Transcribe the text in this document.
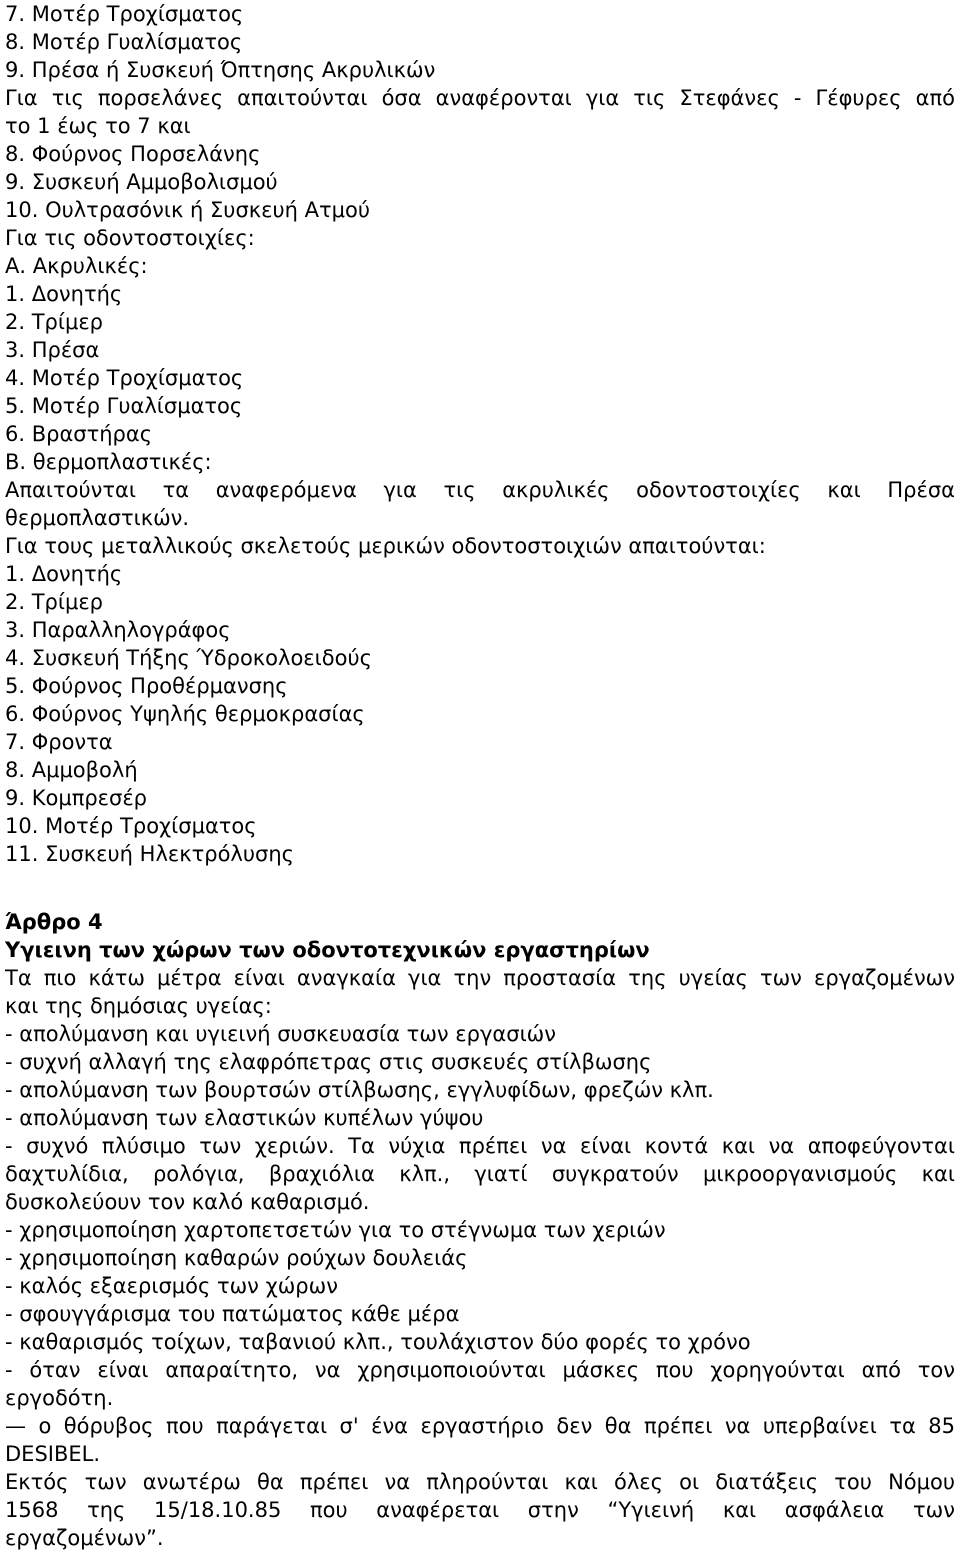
7. Μοτέρ Τροχίσματος
8. Μοτέρ Γυαλίσματος
9. Πρέσα ή Συσκευή Όπτησης Ακρυλικών
Για τις πορσελάνες απαιτούνται όσα αναφέρονται για τις Στεφάνες - Γέφυρες από
το 1 έως το 7 και
8. Φούρνος Πορσελάνης
9. Συσκευή Αμμοβολισμού
10. Ουλτρασόνικ ή Συσκευή Ατμού
Για τις οδοντοστοιχίες:
Α. Ακρυλικές:
1. Δονητής
2. Τρίμερ
3. Πρέσα
4. Μοτέρ Τροχίσματος
5. Μοτέρ Γυαλίσματος
6. Βραστήρας
Β. θερμοπλαστικές:
Απαιτούνται τα αναφερόμενα για τις ακρυλικές οδοντοστοιχίες και Πρέσα
θερμοπλαστικών.
Για τους μεταλλικούς σκελετούς μερικών οδοντοστοιχιών απαιτούνται:
1. Δονητής
2. Τρίμερ
3. Παραλληλογράφος
4. Συσκευή Τήξης Ύδροκολοειδούς
5. Φούρνος Προθέρμανσης
6. Φούρνος Υψηλής θερμοκρασίας
7. Φροντα
8. Αμμοβολή
9. Κομπρεσέρ
10. Μοτέρ Τροχίσματος
11. Συσκευή Ηλεκτρόλυσης
Άρθρο 4
Υγιεινη των χώρων των οδοντοτεχνικών εργαστηρίων
Τα πιο κάτω μέτρα είναι αναγκαία για την προστασία της υγείας των εργαζομένων
και της δημόσιας υγείας:
- απολύμανση και υγιεινή συσκευασία των εργασιών
- συχνή αλλαγή της ελαφρόπετρας στις συσκευές στίλβωσης
- απολύμανση των βουρτσών στίλβωσης, εγγλυφίδων, φρεζών κλπ.
- απολύμανση των ελαστικών κυπέλων γύψου
- συχνό πλύσιμο των χεριών. Τα νύχια πρέπει να είναι κοντά και να αποφεύγονται
δαχτυλίδια, ρολόγια, βραχιόλια κλπ., γιατί συγκρατούν μικροοργανισμούς και
δυσκολεύουν τον καλό καθαρισμό.
- χρησιμοποίηση χαρτοπετσετών για το στέγνωμα των χεριών
- χρησιμοποίηση καθαρών ρούχων δουλειάς
- καλός εξαερισμός των χώρων
- σφουγγάρισμα του πατώματος κάθε μέρα
- καθαρισμός τοίχων, ταβανιού κλπ., τουλάχιστον δύο φορές το χρόνο
- όταν είναι απαραίτητο, να χρησιμοποιούνται μάσκες που χορηγούνται από τον
εργοδότη.
— ο θόρυβος που παράγεται σ' ένα εργαστήριο δεν θα πρέπει να υπερβαίνει τα 85
DESIBEL.
Εκτός των ανωτέρω θα πρέπει να πληρούνται και όλες οι διατάξεις του Νόμου
1568 της 15/18.10.85 που αναφέρεται στην “Υγιεινή και ασφάλεια των
εργαζομένων”.
